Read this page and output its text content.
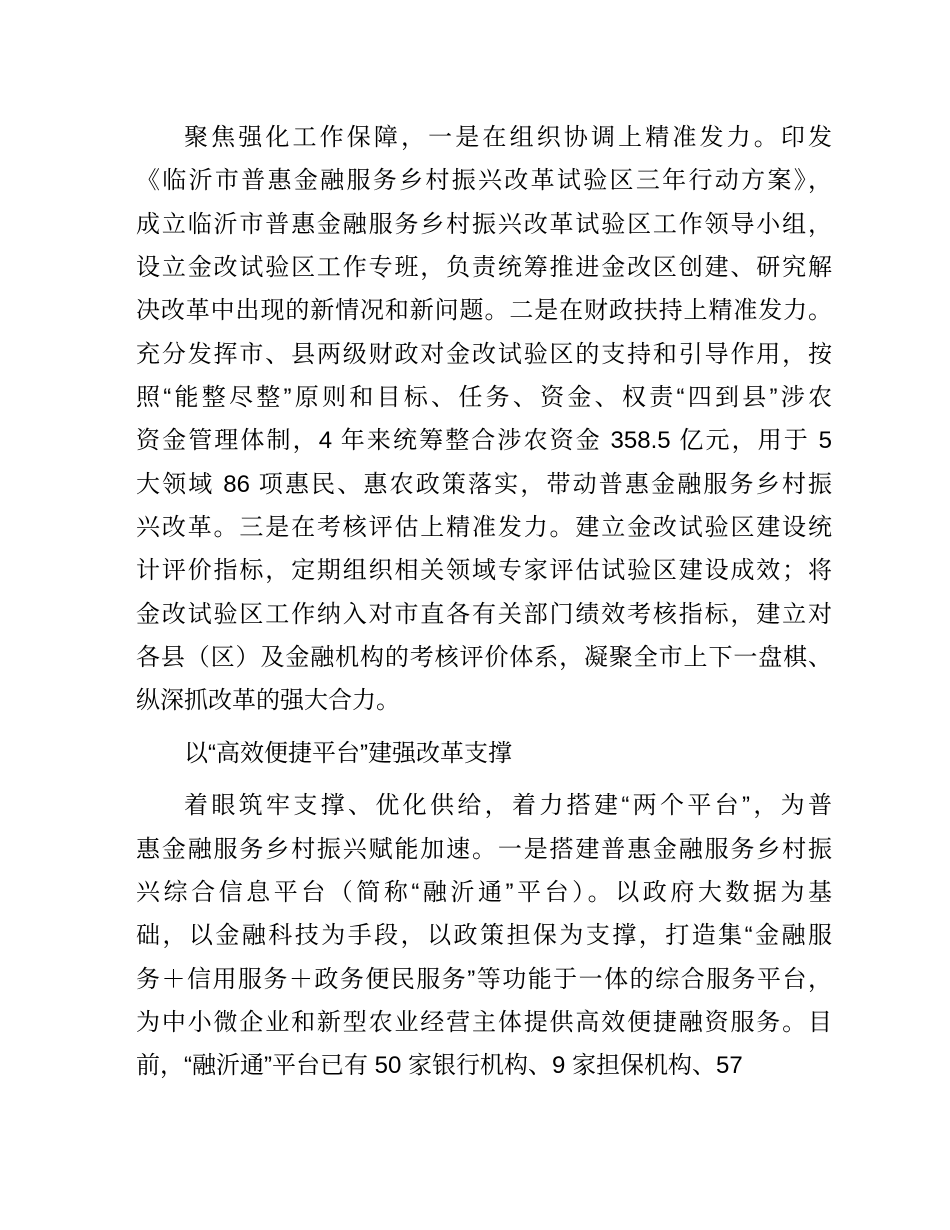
聚焦强化工作保障，一是在组织协调上精准发力。印发
《临沂市普惠金融服务乡村振兴改革试验区三年行动方案》，
成立临沂市普惠金融服务乡村振兴改革试验区工作领导小组，
设立金改试验区工作专班，负责统筹推进金改区创建、研究解
决改革中出现的新情况和新问题。二是在财政扶持上精准发力。
充分发挥市、县两级财政对金改试验区的支持和引导作用，按
照“能整尽整”原则和目标、任务、资金、权责“四到县”涉农
资金管理体制，4 年来统筹整合涉农资金 358.5 亿元，用于 5
大领域 86 项惠民、惠农政策落实，带动普惠金融服务乡村振
兴改革。三是在考核评估上精准发力。建立金改试验区建设统
计评价指标，定期组织相关领域专家评估试验区建设成效；将
金改试验区工作纳入对市直各有关部门绩效考核指标，建立对
各县（区）及金融机构的考核评价体系，凝聚全市上下一盘棋、
纵深抓改革的强大合力。
以“高效便捷平台”建强改革支撑
着眼筑牢支撑、优化供给，着力搭建“两个平台”，为普
惠金融服务乡村振兴赋能加速。一是搭建普惠金融服务乡村振
兴综合信息平台（简称“融沂通”平台）。以政府大数据为基
础，以金融科技为手段，以政策担保为支撑，打造集“金融服
务＋信用服务＋政务便民服务”等功能于一体的综合服务平台，
为中小微企业和新型农业经营主体提供高效便捷融资服务。目
前，“融沂通”平台已有 50 家银行机构、9 家担保机构、57
